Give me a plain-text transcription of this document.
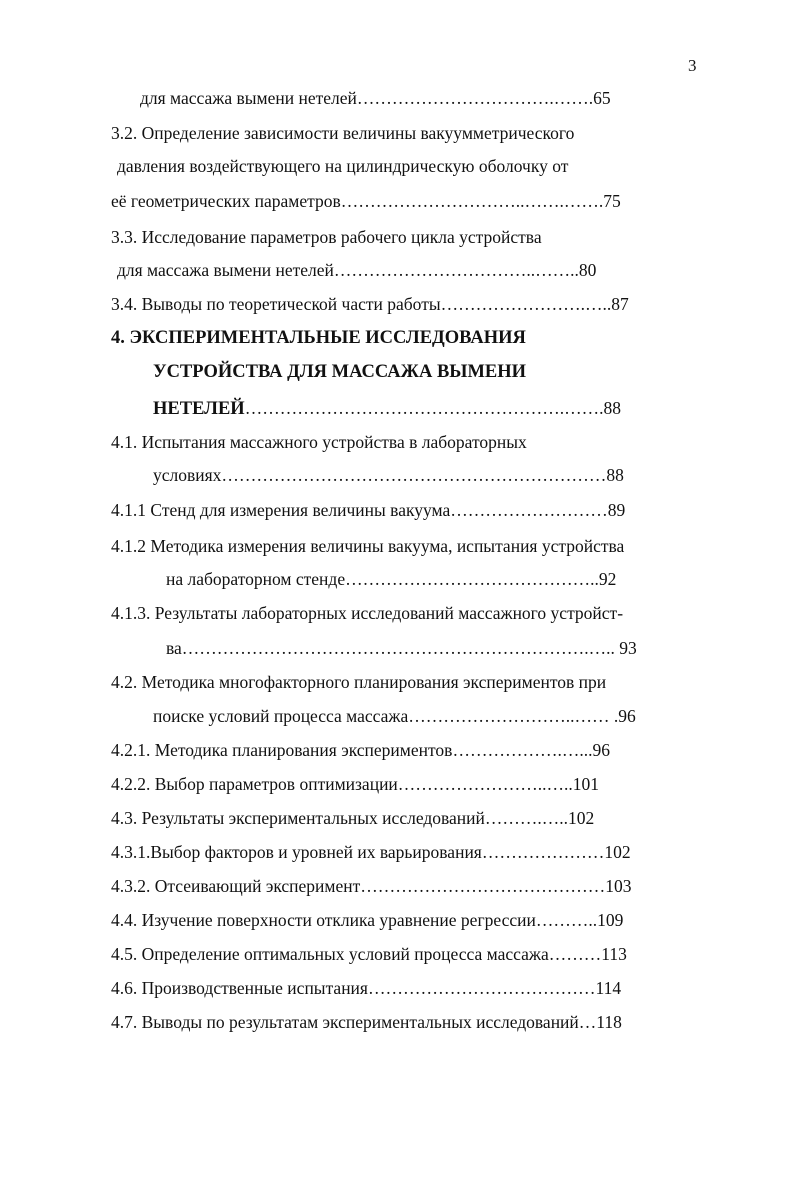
3
для массажа вымени нетелей…………………………….…….65
3.2. Определение зависимости величины вакуумметрического
давления воздействующего на цилиндрическую оболочку от
её геометрических параметров…………………………..…….…….75
3.3. Исследование параметров рабочего цикла устройства
для массажа вымени нетелей……………………………..……..80
3.4. Выводы по теоретической части работы…………………….…..87
4. ЭКСПЕРИМЕНТАЛЬНЫЕ ИССЛЕДОВАНИЯ
УСТРОЙСТВА ДЛЯ МАССАЖА ВЫМЕНИ
НЕТЕЛЕЙ……………………………………………….…….88
4.1. Испытания массажного устройства в лабораторных
условиях…………………………………………………………88
4.1.1 Стенд для измерения величины вакуума………………………89
4.1.2 Методика измерения величины вакуума, испытания устройства
на лабораторном стенде……………………………………..92
4.1.3. Результаты лабораторных исследований массажного устройст-
ва…………………………………………………………….….. 93
4.2. Методика многофакторного планирования экспериментов при
поиске условий процесса массажа………………………..…… .96
4.2.1. Методика планирования экспериментов……………….…...96
4.2.2. Выбор параметров оптимизации……………………..…..101
4.3. Результаты экспериментальных исследований……….…..102
4.3.1.Выбор факторов и уровней их варьирования…………………102
4.3.2. Отсеивающий эксперимент……………………………………103
4.4. Изучение поверхности отклика уравнение регрессии………..109
4.5. Определение оптимальных условий процесса массажа………113
4.6. Производственные испытания…………………………………114
4.7. Выводы по результатам экспериментальных исследований…118
